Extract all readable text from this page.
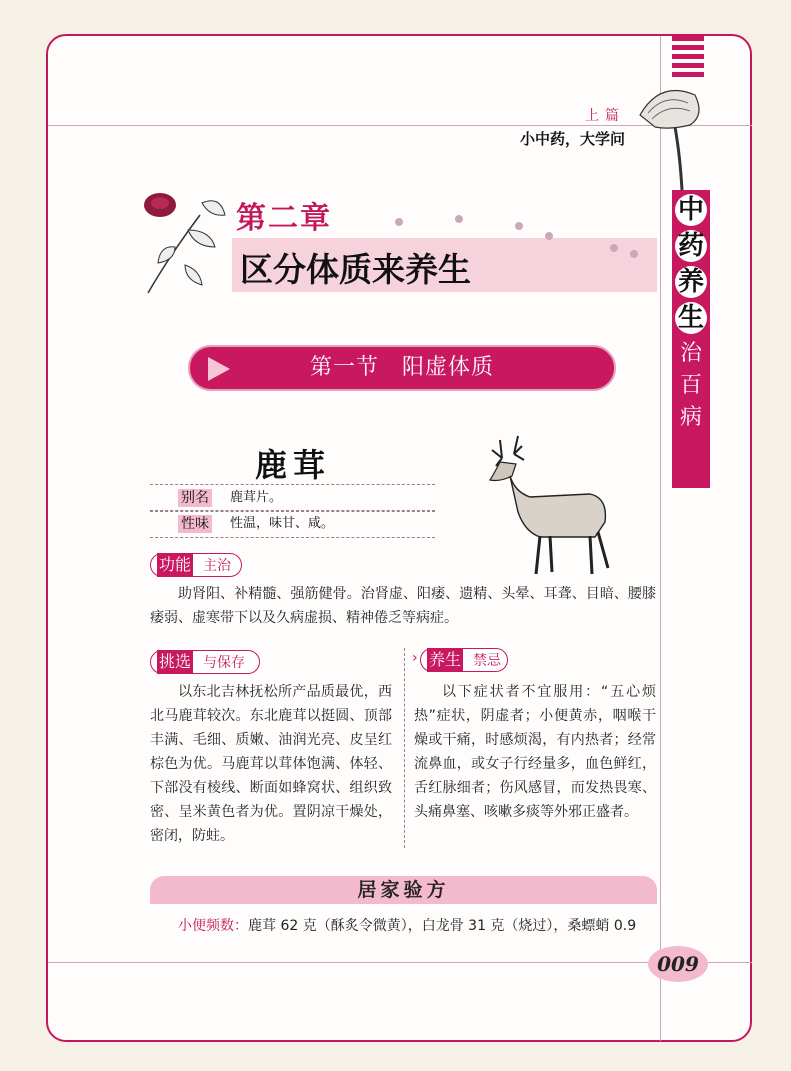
中
药
养
生
治
百
病
上篇
小中药，大学问
第二章
区分体质来养生
第一节　阳虚体质
鹿茸
别名 鹿茸片。
性味 性温，味甘、咸。
功能 主治
助肾阳、补精髓、强筋健骨。治肾虚、阳痿、遗精、头晕、耳聋、目暗、腰膝痿弱、虚寒带下以及久病虚损、精神倦乏等病症。
挑选 与保存
以东北吉林抚松所产品质最优，西北马鹿茸较次。东北鹿茸以挺圆、顶部丰满、毛细、质嫩、油润光亮、皮呈红棕色为优。马鹿茸以茸体饱满、体轻、下部没有棱线、断面如蜂窝状、组织致密、呈米黄色者为优。置阴凉干燥处，密闭，防蛀。
› 养生 禁忌
以下症状者不宜服用：“五心烦热”症状，阴虚者；小便黄赤，咽喉干燥或干痛，时感烦渴，有内热者；经常流鼻血，或女子行经量多，血色鲜红，舌红脉细者；伤风感冒，而发热畏寒、头痛鼻塞、咳嗽多痰等外邪正盛者。
居家验方
小便频数：鹿茸 62 克（酥炙令微黄），白龙骨 31 克（烧过），桑螵蛸 0.9
009
